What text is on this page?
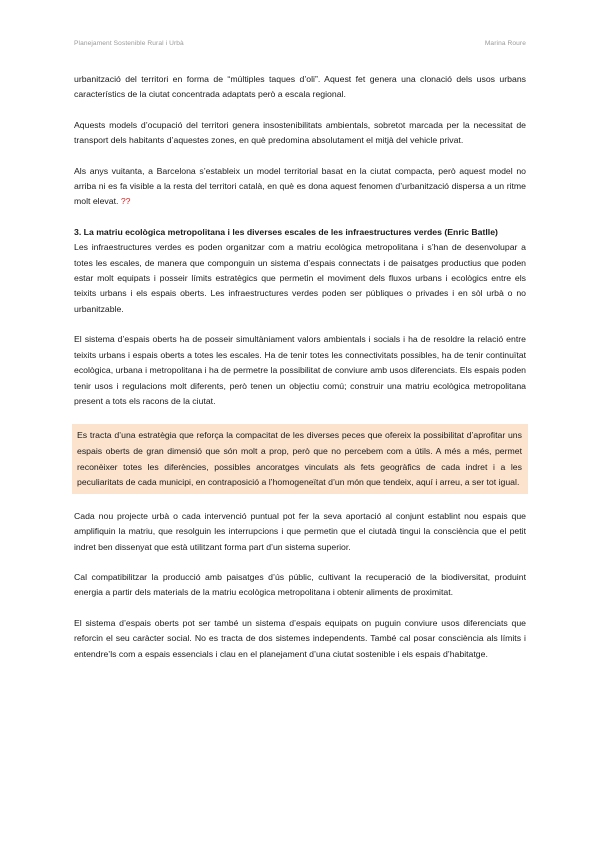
Planejament Sostenible Rural i Urbà	Marina Roure

urbanització del territori en forma de “múltiples taques d’oli”. Aquest fet genera una clonació dels usos urbans característics de la ciutat concentrada adaptats però a escala regional.

Aquests models d’ocupació del territori genera insostenibilitats ambientals, sobretot marcada per la necessitat de transport dels habitants d’aquestes zones, en què predomina absolutament el mitjà del vehicle privat.

Als anys vuitanta, a Barcelona s’estableix un model territorial basat en la ciutat compacta, però aquest model no arriba ni es fa visible a la resta del territori català, en què es dona aquest fenomen d’urbanització dispersa a un ritme molt elevat. ??

3. La matriu ecològica metropolitana i les diverses escales de les infraestructures verdes (Enric Batlle)

Les infraestructures verdes es poden organitzar com a matriu ecològica metropolitana i s’han de desenvolupar a totes les escales, de manera que componguin un sistema d’espais connectats i de paisatges productius que poden estar molt equipats i posseir límits estratègics que permetin el moviment dels fluxos urbans i ecològics entre els teixits urbans i els espais oberts. Les infraestructures verdes poden ser públiques o privades i en sòl urbà o no urbanitzable.

El sistema d’espais oberts ha de posseir simultàniament valors ambientals i socials i ha de resoldre la relació entre teixits urbans i espais oberts a totes les escales. Ha de tenir totes les connectivitats possibles, ha de tenir continuïtat ecològica, urbana i metropolitana i ha de permetre la possibilitat de conviure amb usos diferenciats. Els espais poden tenir usos i regulacions molt diferents, però tenen un objectiu comú; construir una matriu ecològica metropolitana present a tots els racons de la ciutat.

Es tracta d’una estratègia que reforça la compacitat de les diverses peces que ofereix la possibilitat d’aprofitar uns espais oberts de gran dimensió que són molt a prop, però que no percebem com a útils. A més a més, permet reconèixer totes les diferències, possibles ancoratges vinculats als fets geogràfics de cada indret i a les peculiaritats de cada municipi, en contraposició a l’homogeneïtat d’un món que tendeix, aquí i arreu, a ser tot igual.

Cada nou projecte urbà o cada intervenció puntual pot fer la seva aportació al conjunt establint nou espais que amplifiquin la matriu, que resolguin les interrupcions i que permetin que el ciutadà tingui la consciència que el petit indret ben dissenyat que està utilitzant forma part d’un sistema superior.

Cal compatibilitzar la producció amb paisatges d’ús públic, cultivant la recuperació de la biodiversitat, produint energia a partir dels materials de la matriu ecològica metropolitana i obtenir aliments de proximitat.

El sistema d’espais oberts pot ser també un sistema d’espais equipats on puguin conviure usos diferenciats que reforcin el seu caràcter social. No es tracta de dos sistemes independents. També cal posar consciència als límits i entendre’ls com a espais essencials i clau en el planejament d’una ciutat sostenible i els espais d’habitatge.
